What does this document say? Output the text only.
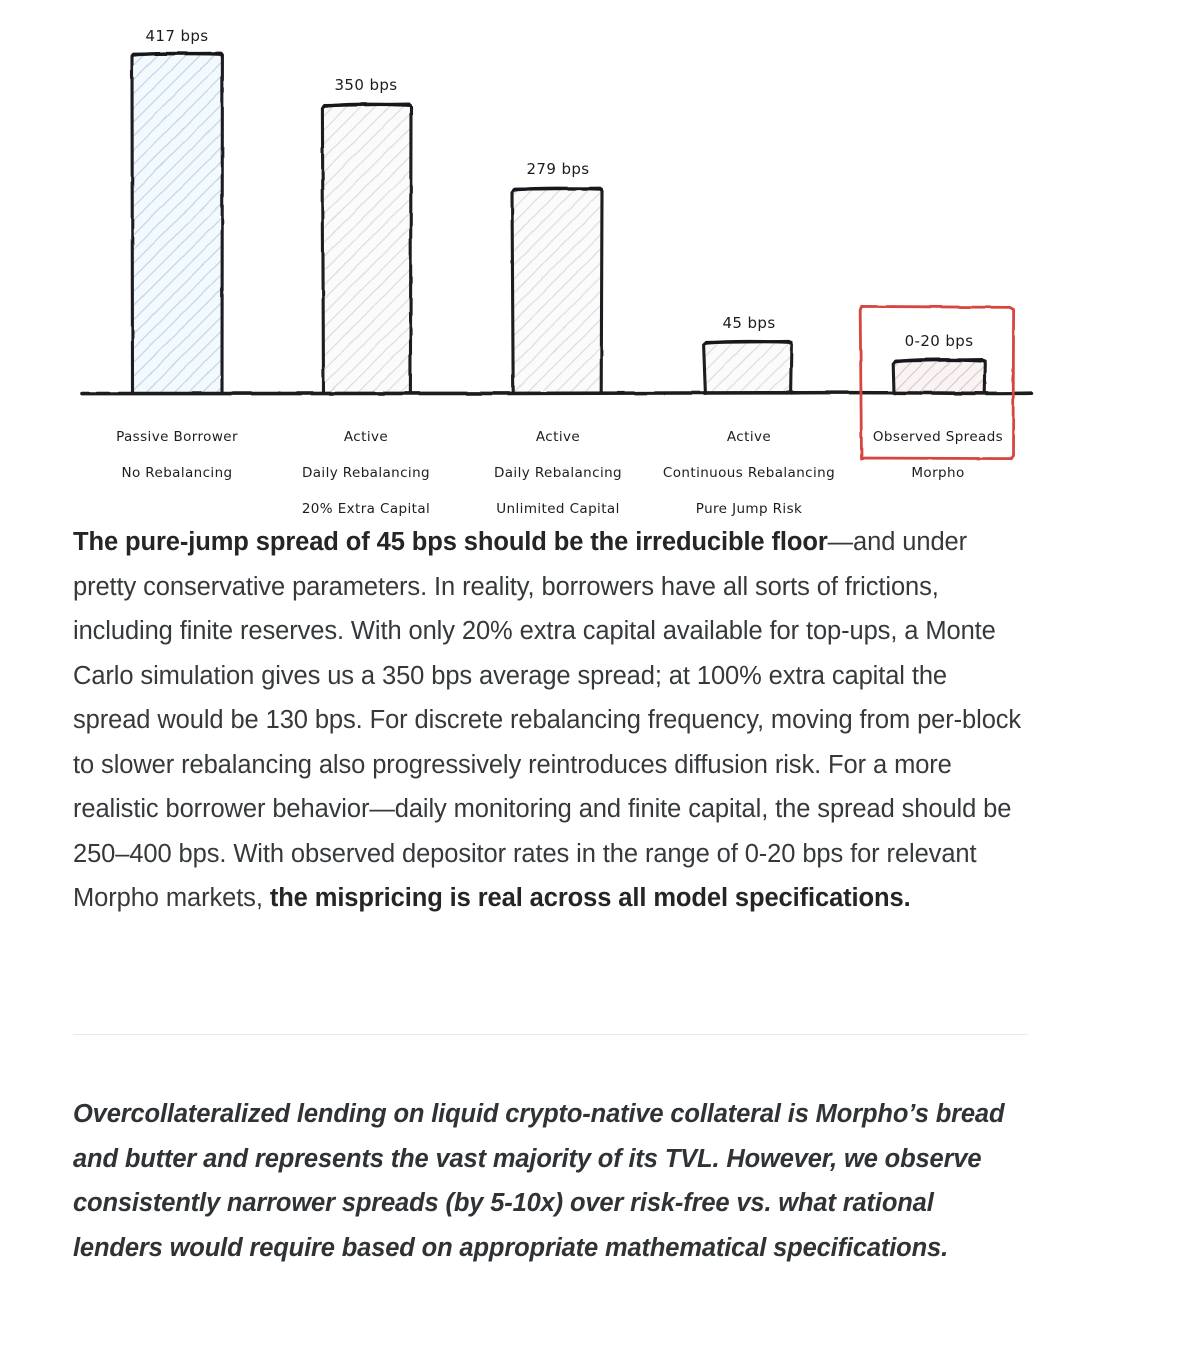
417 bps
350 bps
279 bps
45 bps
0-20 bps

Passive Borrower

No Rebalancing

Active

Daily Rebalancing

20% Extra Capital

Active

Daily Rebalancing

Unlimited Capital

Active

Continuous Rebalancing

Pure Jump Risk

Observed Spreads

Morpho

The pure-jump spread of 45 bps should be the irreducible floor—and under pretty conservative parameters. In reality, borrowers have all sorts of frictions, including finite reserves. With only 20% extra capital available for top-ups, a Monte Carlo simulation gives us a 350 bps average spread; at 100% extra capital the spread would be 130 bps. For discrete rebalancing frequency, moving from per-block to slower rebalancing also progressively reintroduces diffusion risk. For a more realistic borrower behavior—daily monitoring and finite capital, the spread should be 250–400 bps. With observed depositor rates in the range of 0-20 bps for relevant Morpho markets, the mispricing is real across all model specifications.

Overcollateralized lending on liquid crypto-native collateral is Morpho’s bread and butter and represents the vast majority of its TVL. However, we observe consistently narrower spreads (by 5-10x) over risk-free vs. what rational lenders would require based on appropriate mathematical specifications.
